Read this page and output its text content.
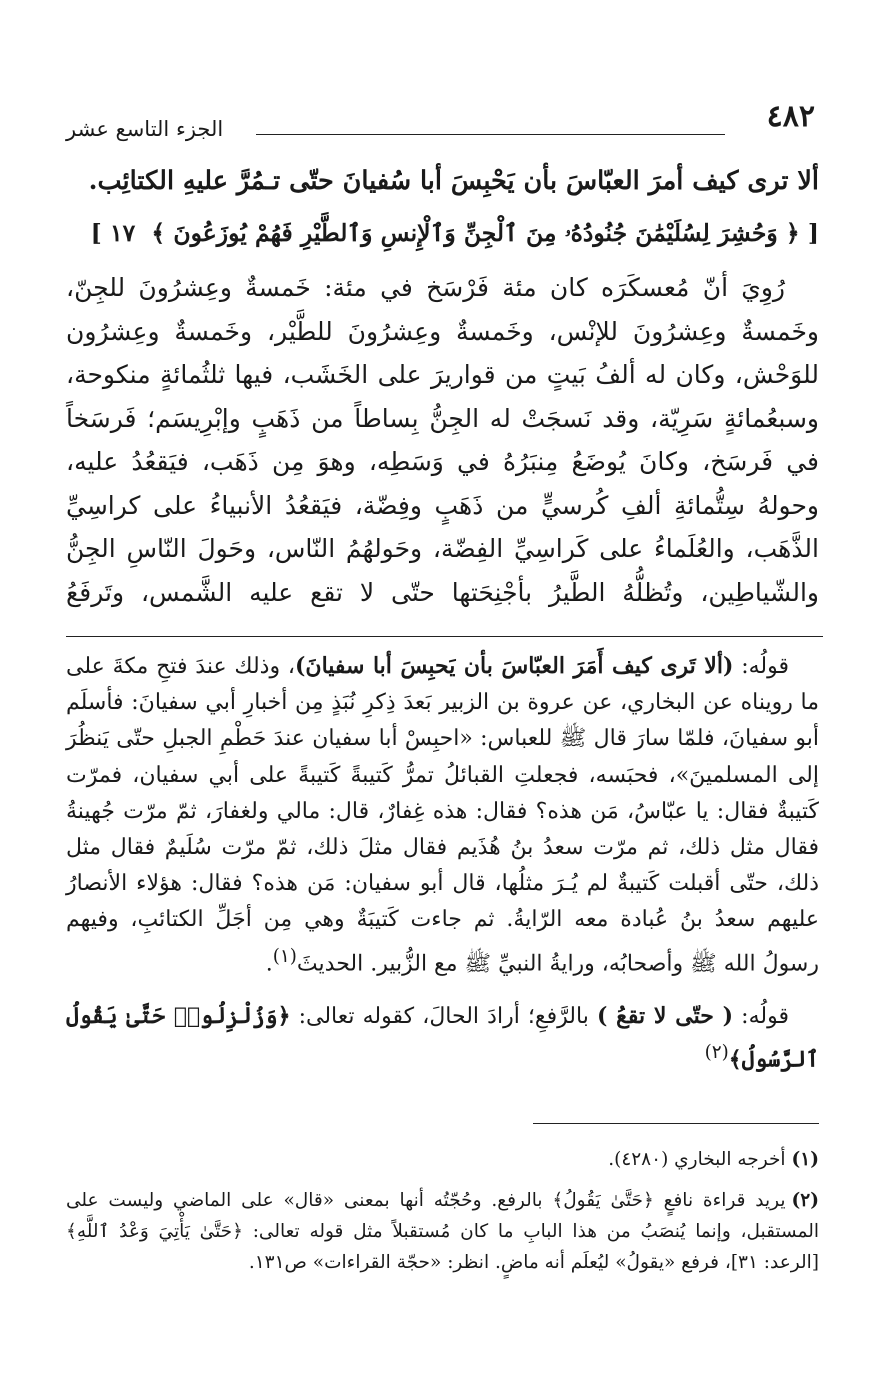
٤٨٢
الجزء التاسع عشر

ألا ترى كيف أمرَ العبّاسَ بأن يَحْبِسَ أبا سُفيانَ حتّى تـمُرَّ عليهِ الكتائِب.

[ ﴿ وَحُشِرَ لِسُلَيْمَٰنَ جُنُودُهُۥ مِنَ ٱلْجِنِّ وَٱلْإِنسِ وَٱلطَّيْرِ فَهُمْ يُوزَعُونَ ﴾ ١٧ ]

رُوِيَ أنّ مُعسكَرَه كان مئة فَرْسَخ في مئة: خَمسةٌ وعِشرُونَ للجِنّ، وخَمسةٌ وعِشرُونَ للإنْس، وخَمسةٌ وعِشرُونَ للطَّيْر، وخَمسةٌ وعِشرُون للوَحْش، وكان له ألفُ بَيتٍ من قواريرَ على الخَشَب، فيها ثلثُمائةٍ منكوحة، وسبعُمائةٍ سَرِيّة، وقد نَسجَتْ له الجِنُّ بِساطاً من ذَهَبٍ وإبْرِيسَم؛ فَرسَخاً في فَرسَخ، وكانَ يُوضَعُ مِنبَرُهُ في وَسَطِه، وهوَ مِن ذَهَب، فيَقعُدُ عليه، وحولهُ سِتُّمائةِ ألفِ كُرسيٍّ من ذَهَبٍ وفِضّة، فيَقعُدُ الأنبياءُ على كراسِيِّ الذَّهَب، والعُلَماءُ على كَراسِيِّ الفِضّة، وحَولهُمُ النّاس، وحَولَ النّاسِ الجِنُّ والشّياطِين، وتُظلُّهُ الطَّيرُ بأجْنِحَتها حتّى لا تقع عليه الشَّمس، وتَرفَعُ

قولُه: (ألا تَرى كيف أَمَرَ العبّاسَ بأن يَحبِسَ أبا سفيانَ)، وذلك عندَ فتحِ مكةَ على ما رويناه عن البخاري، عن عروة بن الزبير بَعدَ ذِكرِ نُبَذٍ مِن أخبارِ أبي سفيانَ: فأسلَم أبو سفيانَ، فلمّا سارَ قال ﷺ للعباس: «احبِسْ أبا سفيان عندَ حَطْمِ الجبلِ حتّى يَنظُرَ إلى المسلمينَ»، فحبَسه، فجعلتِ القبائلُ تمرُّ كَتيبةً كَتيبةً على أبي سفيان، فمرّت كَتيبةٌ فقال: يا عبّاسُ، مَن هذه؟ فقال: هذه غِفارٌ، قال: مالي ولغفارَ، ثمّ مرّت جُهينةُ فقال مثل ذلك، ثم مرّت سعدُ بنُ هُذَيم فقال مثلَ ذلك، ثمّ مرّت سُلَيمٌ فقال مثل ذلك، حتّى أقبلت كَتيبةٌ لم يُـرَ مثلُها، قال أبو سفيان: مَن هذه؟ فقال: هؤلاء الأنصارُ عليهم سعدُ بنُ عُبادة معه الرّايةُ. ثم جاءت كَتيبَةٌ وهي مِن أجَلِّ الكتائبِ، وفيهم رسولُ الله ﷺ وأصحابُه، ورايةُ النبيِّ ﷺ مع الزُّبير. الحديثَ$^{(١)}$.

قولُه: ( حتّى لا تقعُ ) بالرَّفعِ؛ أرادَ الحالَ، كقوله تعالى: ﴿وَزُلْزِلُوا۟ حَتَّىٰ يَقُولُ ٱلرَّسُولُ﴾$^{(٢)}$

(١)أخرجه البخاري (٤٢٨٠).

(٢)يريد قراءة نافعٍ ﴿حَتَّىٰ يَقُولُ﴾ بالرفع. وحُجّتُه أنها بمعنى «قال» على الماضي وليست على المستقبل، وإنما يُنصَبُ من هذا البابِ ما كان مُستقبلاً مثل قوله تعالى: ﴿حَتَّىٰ يَأْتِيَ وَعْدُ ٱللَّهِ﴾ [الرعد: ٣١]، فرفع «يقولُ» ليُعلَم أنه ماضٍ. انظر: «حجّة القراءات» ص١٣١.
